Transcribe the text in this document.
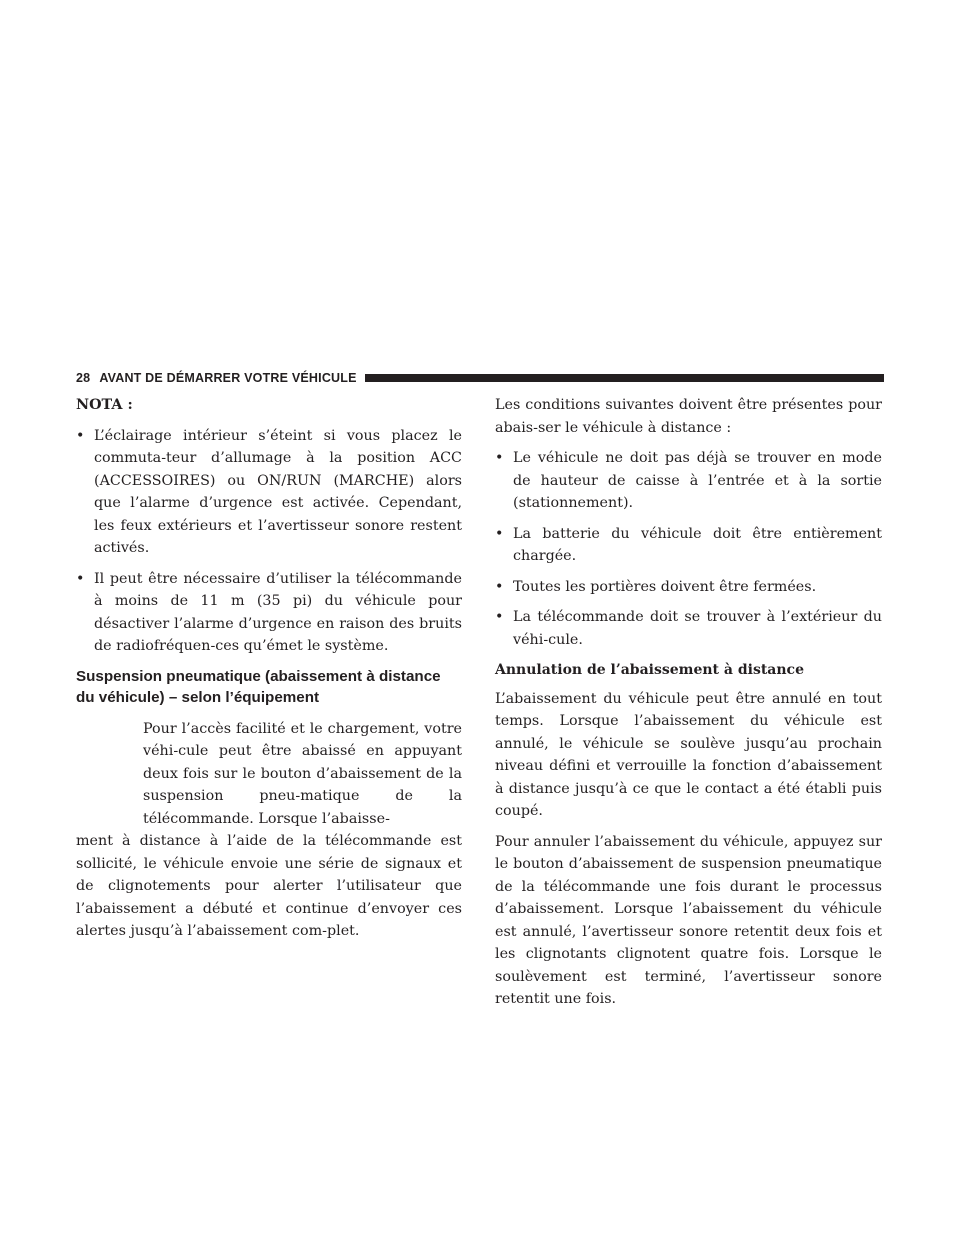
28 AVANT DE DÉMARRER VOTRE VÉHICULE

NOTA :

• L’éclairage intérieur s’éteint si vous placez le commuta-teur d’allumage à la position ACC (ACCESSOIRES) ou ON/RUN (MARCHE) alors que l’alarme d’urgence est activée. Cependant, les feux extérieurs et l’avertisseur sonore restent activés.
• Il peut être nécessaire d’utiliser la télécommande à moins de 11 m (35 pi) du véhicule pour désactiver l’alarme d’urgence en raison des bruits de radiofréquen-ces qu’émet le système.
Suspension pneumatique (abaissement à distance du véhicule) – selon l’équipement

Pour l’accès facilité et le chargement, votre véhi-cule peut être abaissé en appuyant deux fois sur le bouton d’abaissement de la suspension pneu-matique de la télécommande. Lorsque l’abaisse-

ment à distance à l’aide de la télécommande est sollicité, le véhicule envoie une série de signaux et de clignotements pour alerter l’utilisateur que l’abaissement a débuté et continue d’envoyer ces alertes jusqu’à l’abaissement com-plet.

Les conditions suivantes doivent être présentes pour abais-ser le véhicule à distance :

• Le véhicule ne doit pas déjà se trouver en mode de hauteur de caisse à l’entrée et à la sortie (stationnement).
• La batterie du véhicule doit être entièrement chargée.
• Toutes les portières doivent être fermées.
• La télécommande doit se trouver à l’extérieur du véhi-cule.
Annulation de l’abaissement à distance

L’abaissement du véhicule peut être annulé en tout temps. Lorsque l’abaissement du véhicule est annulé, le véhicule se soulève jusqu’au prochain niveau défini et verrouille la fonction d’abaissement à distance jusqu’à ce que le contact a été établi puis coupé.

Pour annuler l’abaissement du véhicule, appuyez sur le bouton d’abaissement de suspension pneumatique de la télécommande une fois durant le processus d’abaissement. Lorsque l’abaissement du véhicule est annulé, l’avertisseur sonore retentit deux fois et les clignotants clignotent quatre fois. Lorsque le soulèvement est terminé, l’avertisseur sonore retentit une fois.
